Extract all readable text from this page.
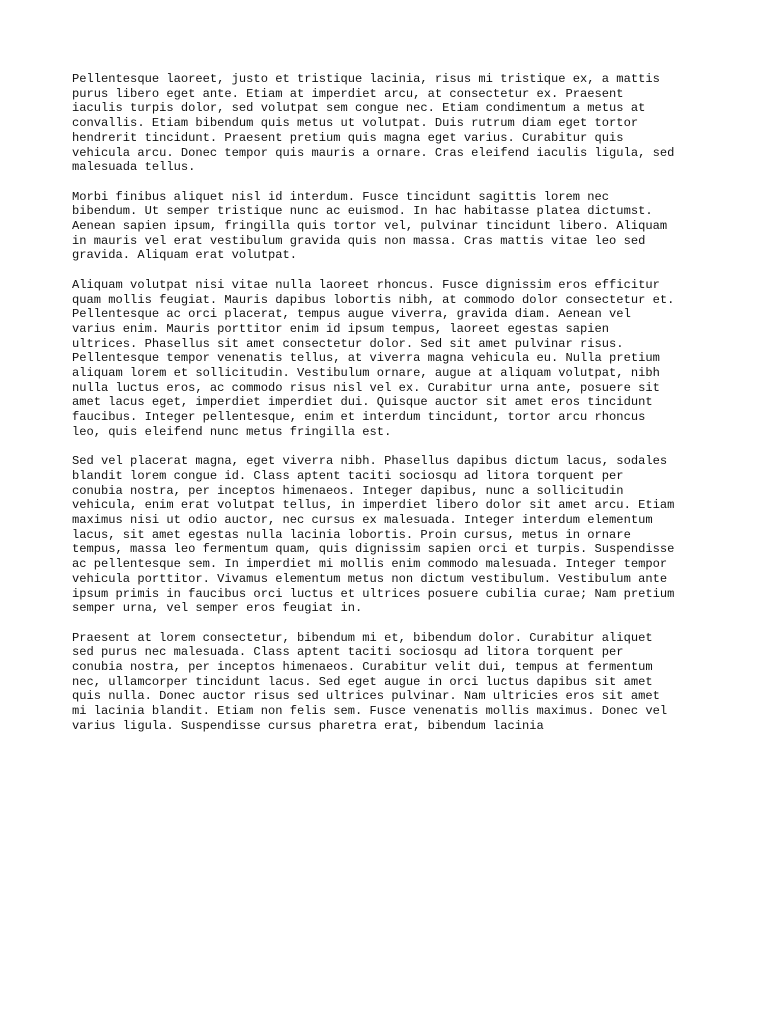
Pellentesque laoreet, justo et tristique lacinia, risus mi tristique ex, a mattis
purus libero eget ante. Etiam at imperdiet arcu, at consectetur ex. Praesent
iaculis turpis dolor, sed volutpat sem congue nec. Etiam condimentum a metus at
convallis. Etiam bibendum quis metus ut volutpat. Duis rutrum diam eget tortor
hendrerit tincidunt. Praesent pretium quis magna eget varius. Curabitur quis
vehicula arcu. Donec tempor quis mauris a ornare. Cras eleifend iaculis ligula, sed
malesuada tellus.

Morbi finibus aliquet nisl id interdum. Fusce tincidunt sagittis lorem nec
bibendum. Ut semper tristique nunc ac euismod. In hac habitasse platea dictumst.
Aenean sapien ipsum, fringilla quis tortor vel, pulvinar tincidunt libero. Aliquam
in mauris vel erat vestibulum gravida quis non massa. Cras mattis vitae leo sed
gravida. Aliquam erat volutpat.

Aliquam volutpat nisi vitae nulla laoreet rhoncus. Fusce dignissim eros efficitur
quam mollis feugiat. Mauris dapibus lobortis nibh, at commodo dolor consectetur et.
Pellentesque ac orci placerat, tempus augue viverra, gravida diam. Aenean vel
varius enim. Mauris porttitor enim id ipsum tempus, laoreet egestas sapien
ultrices. Phasellus sit amet consectetur dolor. Sed sit amet pulvinar risus.
Pellentesque tempor venenatis tellus, at viverra magna vehicula eu. Nulla pretium
aliquam lorem et sollicitudin. Vestibulum ornare, augue at aliquam volutpat, nibh
nulla luctus eros, ac commodo risus nisl vel ex. Curabitur urna ante, posuere sit
amet lacus eget, imperdiet imperdiet dui. Quisque auctor sit amet eros tincidunt
faucibus. Integer pellentesque, enim et interdum tincidunt, tortor arcu rhoncus
leo, quis eleifend nunc metus fringilla est.

Sed vel placerat magna, eget viverra nibh. Phasellus dapibus dictum lacus, sodales
blandit lorem congue id. Class aptent taciti sociosqu ad litora torquent per
conubia nostra, per inceptos himenaeos. Integer dapibus, nunc a sollicitudin
vehicula, enim erat volutpat tellus, in imperdiet libero dolor sit amet arcu. Etiam
maximus nisi ut odio auctor, nec cursus ex malesuada. Integer interdum elementum
lacus, sit amet egestas nulla lacinia lobortis. Proin cursus, metus in ornare
tempus, massa leo fermentum quam, quis dignissim sapien orci et turpis. Suspendisse
ac pellentesque sem. In imperdiet mi mollis enim commodo malesuada. Integer tempor
vehicula porttitor. Vivamus elementum metus non dictum vestibulum. Vestibulum ante
ipsum primis in faucibus orci luctus et ultrices posuere cubilia curae; Nam pretium
semper urna, vel semper eros feugiat in.

Praesent at lorem consectetur, bibendum mi et, bibendum dolor. Curabitur aliquet
sed purus nec malesuada. Class aptent taciti sociosqu ad litora torquent per
conubia nostra, per inceptos himenaeos. Curabitur velit dui, tempus at fermentum
nec, ullamcorper tincidunt lacus. Sed eget augue in orci luctus dapibus sit amet
quis nulla. Donec auctor risus sed ultrices pulvinar. Nam ultricies eros sit amet
mi lacinia blandit. Etiam non felis sem. Fusce venenatis mollis maximus. Donec vel
varius ligula. Suspendisse cursus pharetra erat, bibendum lacinia
